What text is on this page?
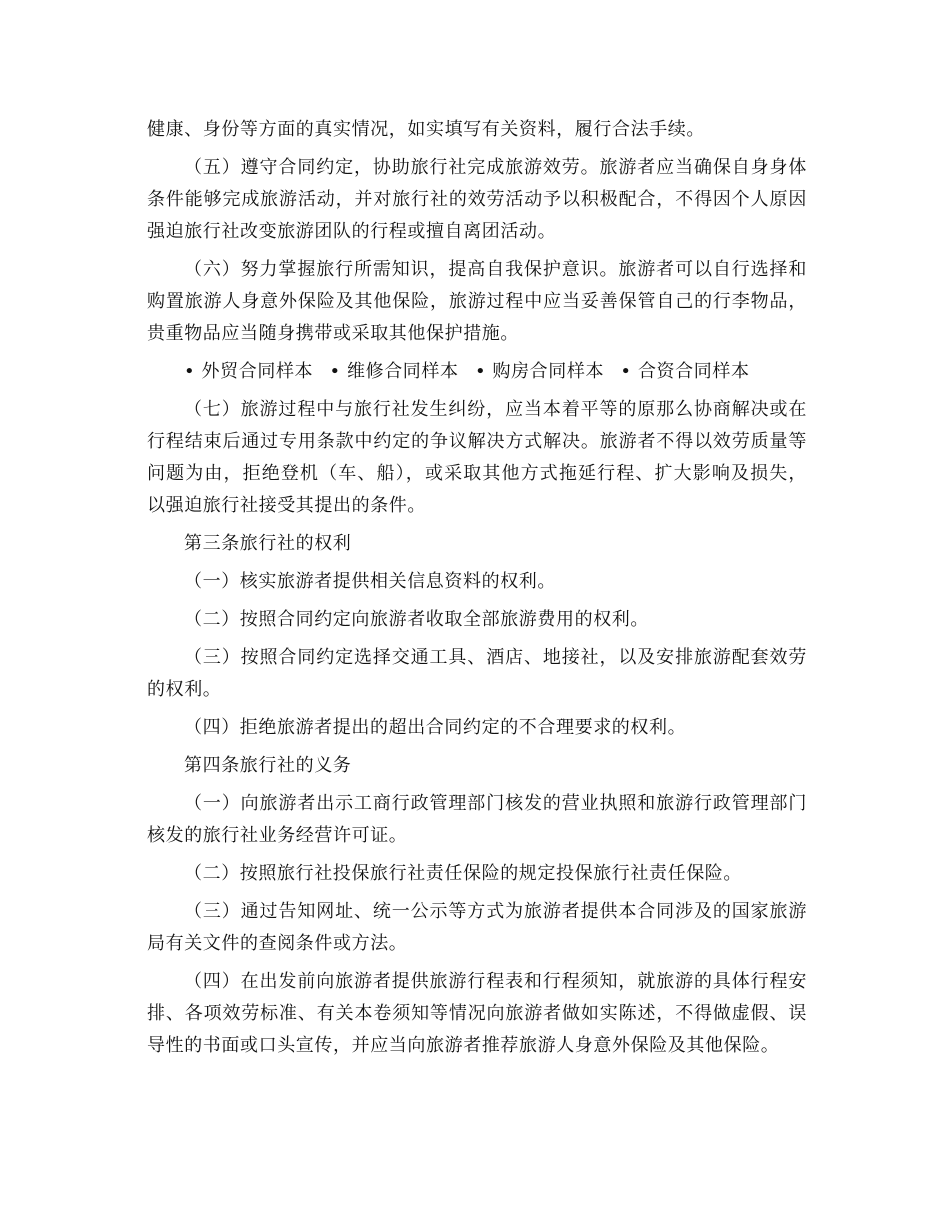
健康、身份等方面的真实情况，如实填写有关资料，履行合法手续。

（五）遵守合同约定，协助旅行社完成旅游效劳。旅游者应当确保自身身体条件能够完成旅游活动，并对旅行社的效劳活动予以积极配合，不得因个人原因强迫旅行社改变旅游团队的行程或擅自离团活动。

（六）努力掌握旅行所需知识，提高自我保护意识。旅游者可以自行选择和购置旅游人身意外保险及其他保险，旅游过程中应当妥善保管自己的行李物品，贵重物品应当随身携带或采取其他保护措施。

• 外贸合同样本 • 维修合同样本 • 购房合同样本 • 合资合同样本

（七）旅游过程中与旅行社发生纠纷，应当本着平等的原那么协商解决或在行程结束后通过专用条款中约定的争议解决方式解决。旅游者不得以效劳质量等问题为由，拒绝登机（车、船），或采取其他方式拖延行程、扩大影响及损失，以强迫旅行社接受其提出的条件。

第三条旅行社的权利

（一）核实旅游者提供相关信息资料的权利。

（二）按照合同约定向旅游者收取全部旅游费用的权利。

（三）按照合同约定选择交通工具、酒店、地接社，以及安排旅游配套效劳的权利。

（四）拒绝旅游者提出的超出合同约定的不合理要求的权利。

第四条旅行社的义务

（一）向旅游者出示工商行政管理部门核发的营业执照和旅游行政管理部门核发的旅行社业务经营许可证。

（二）按照旅行社投保旅行社责任保险的规定投保旅行社责任保险。

（三）通过告知网址、统一公示等方式为旅游者提供本合同涉及的国家旅游局有关文件的查阅条件或方法。

（四）在出发前向旅游者提供旅游行程表和行程须知，就旅游的具体行程安排、各项效劳标准、有关本卷须知等情况向旅游者做如实陈述，不得做虚假、误导性的书面或口头宣传，并应当向旅游者推荐旅游人身意外保险及其他保险。
